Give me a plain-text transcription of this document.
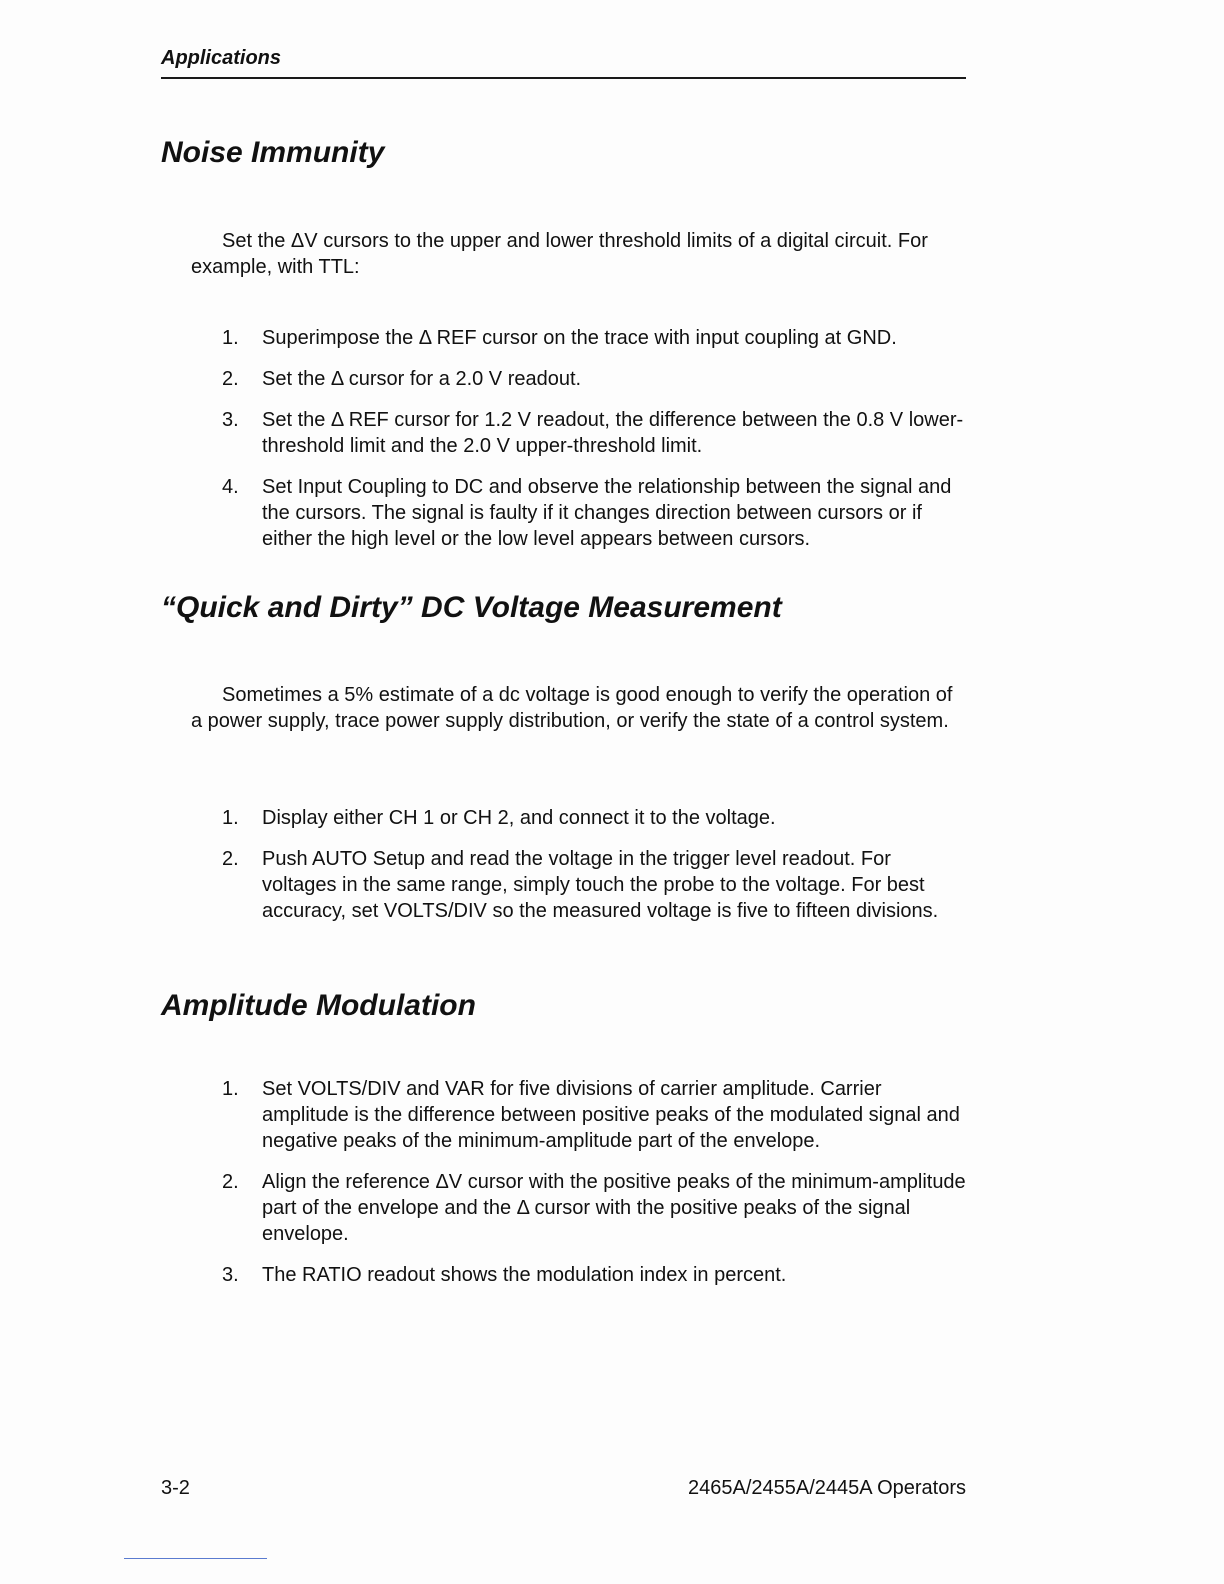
Applications
Noise Immunity

Set the ΔV cursors to the upper and lower threshold limits of a digital circuit. For example, with TTL:

1.	Superimpose the Δ REF cursor on the trace with input coupling at GND.
2.	Set the Δ cursor for a 2.0 V readout.
3.	Set the Δ REF cursor for 1.2 V readout, the difference between the 0.8 V lower-threshold limit and the 2.0 V upper-threshold limit.
4.	Set Input Coupling to DC and observe the relationship between the signal and the cursors. The signal is faulty if it changes direction between cursors or if either the high level or the low level appears between cursors.
“Quick and Dirty” DC Voltage Measurement

Sometimes a 5% estimate of a dc voltage is good enough to verify the operation of a power supply, trace power supply distribution, or verify the state of a control system.

1.	Display either CH 1 or CH 2, and connect it to the voltage.
2.	Push AUTO Setup and read the voltage in the trigger level readout. For voltages in the same range, simply touch the probe to the voltage. For best accuracy, set VOLTS/DIV so the measured voltage is five to fifteen divisions.
Amplitude Modulation
1.	Set VOLTS/DIV and VAR for five divisions of carrier amplitude. Carrier amplitude is the difference between positive peaks of the modulated signal and negative peaks of the minimum-amplitude part of the envelope.
2.	Align the reference ΔV cursor with the positive peaks of the minimum-amplitude part of the envelope and the Δ cursor with the positive peaks of the signal envelope.
3.	The RATIO readout shows the modulation index in percent.
3-2	2465A/2455A/2445A Operators
